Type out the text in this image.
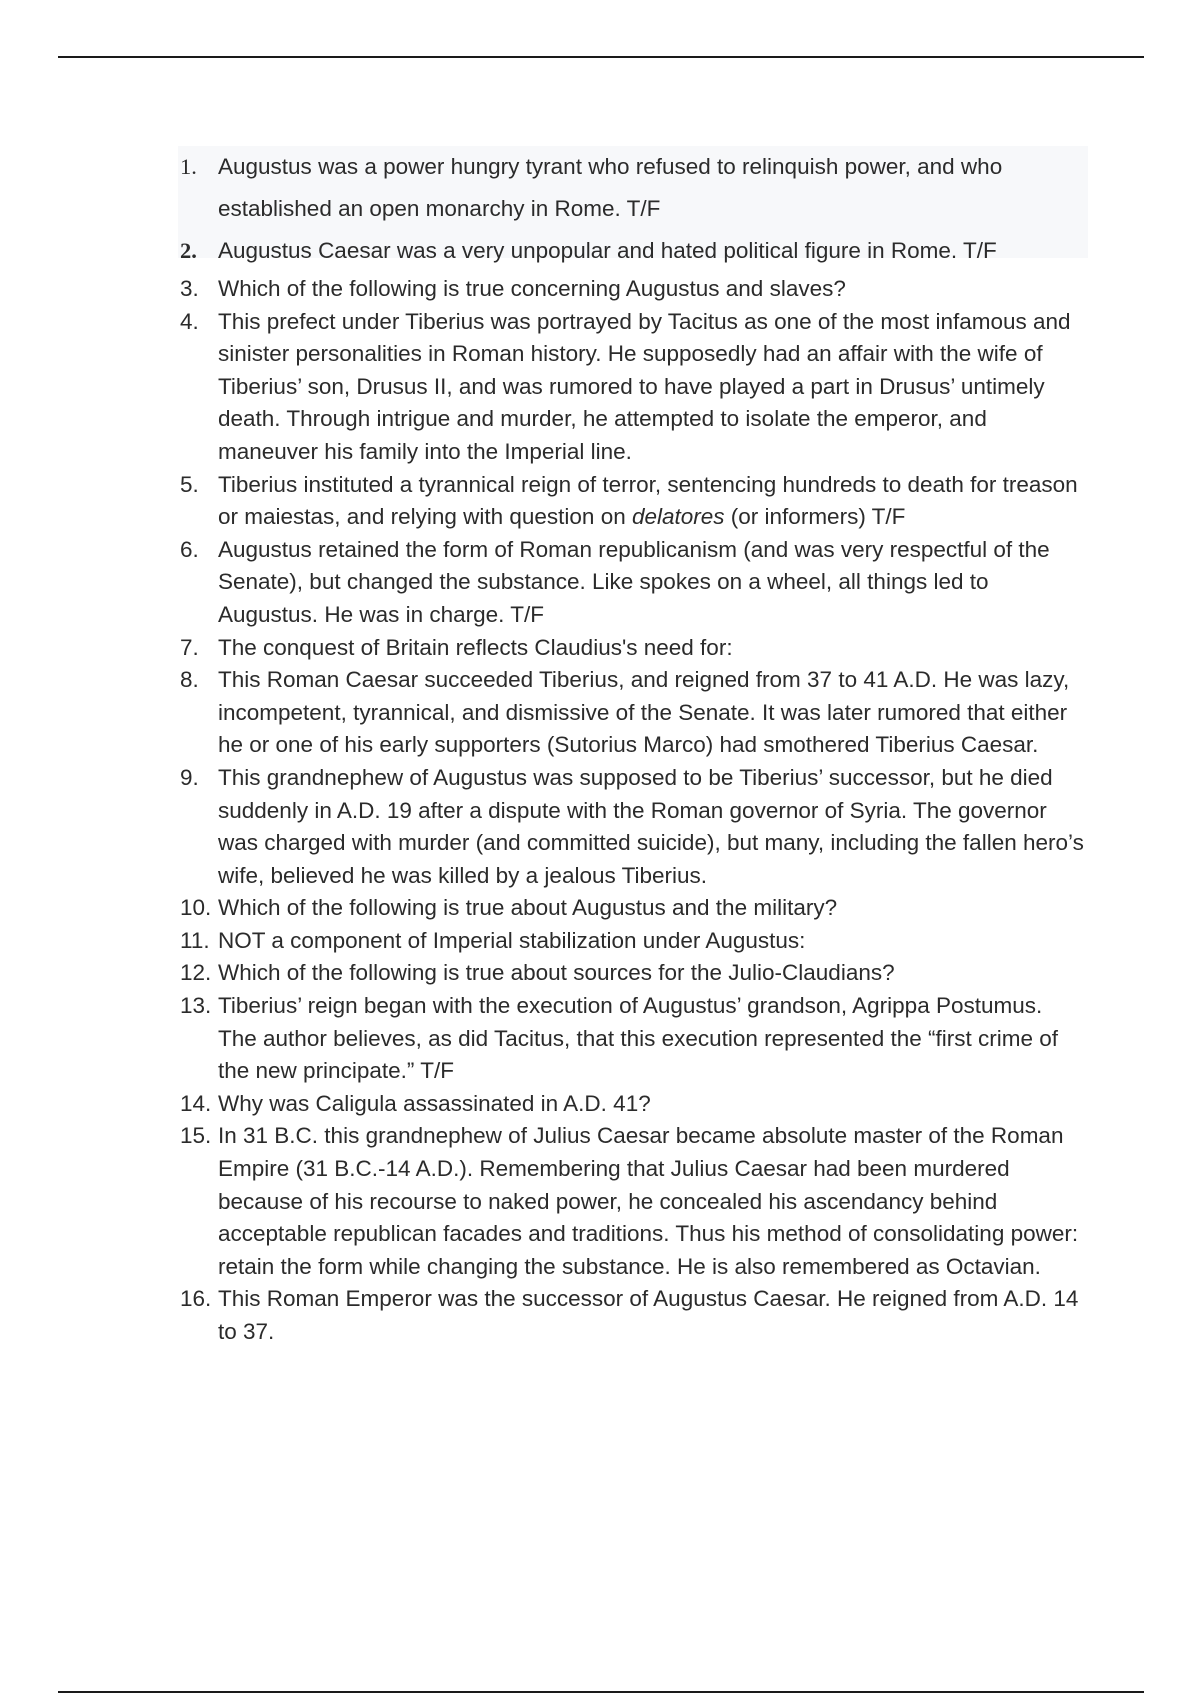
1. Augustus was a power hungry tyrant who refused to relinquish power, and who established an open monarchy in Rome. T/F
2. Augustus Caesar was a very unpopular and hated political figure in Rome. T/F
3. Which of the following is true concerning Augustus and slaves?
4. This prefect under Tiberius was portrayed by Tacitus as one of the most infamous and sinister personalities in Roman history. He supposedly had an affair with the wife of Tiberius’ son, Drusus II, and was rumored to have played a part in Drusus’ untimely death. Through intrigue and murder, he attempted to isolate the emperor, and maneuver his family into the Imperial line.
5. Tiberius instituted a tyrannical reign of terror, sentencing hundreds to death for treason or maiestas, and relying with question on delatores (or informers) T/F
6. Augustus retained the form of Roman republicanism (and was very respectful of the Senate), but changed the substance. Like spokes on a wheel, all things led to Augustus. He was in charge. T/F
7. The conquest of Britain reflects Claudius's need for:
8. This Roman Caesar succeeded Tiberius, and reigned from 37 to 41 A.D. He was lazy, incompetent, tyrannical, and dismissive of the Senate. It was later rumored that either he or one of his early supporters (Sutorius Marco) had smothered Tiberius Caesar.
9. This grandnephew of Augustus was supposed to be Tiberius’ successor, but he died suddenly in A.D. 19 after a dispute with the Roman governor of Syria. The governor was charged with murder (and committed suicide), but many, including the fallen hero’s wife, believed he was killed by a jealous Tiberius.
10. Which of the following is true about Augustus and the military?
11. NOT a component of Imperial stabilization under Augustus:
12. Which of the following is true about sources for the Julio-Claudians?
13. Tiberius’ reign began with the execution of Augustus’ grandson, Agrippa Postumus. The author believes, as did Tacitus, that this execution represented the “first crime of the new principate.” T/F
14. Why was Caligula assassinated in A.D. 41?
15. In 31 B.C. this grandnephew of Julius Caesar became absolute master of the Roman Empire (31 B.C.-14 A.D.). Remembering that Julius Caesar had been murdered because of his recourse to naked power, he concealed his ascendancy behind acceptable republican facades and traditions. Thus his method of consolidating power: retain the form while changing the substance. He is also remembered as Octavian.
16. This Roman Emperor was the successor of Augustus Caesar. He reigned from A.D. 14 to 37.
